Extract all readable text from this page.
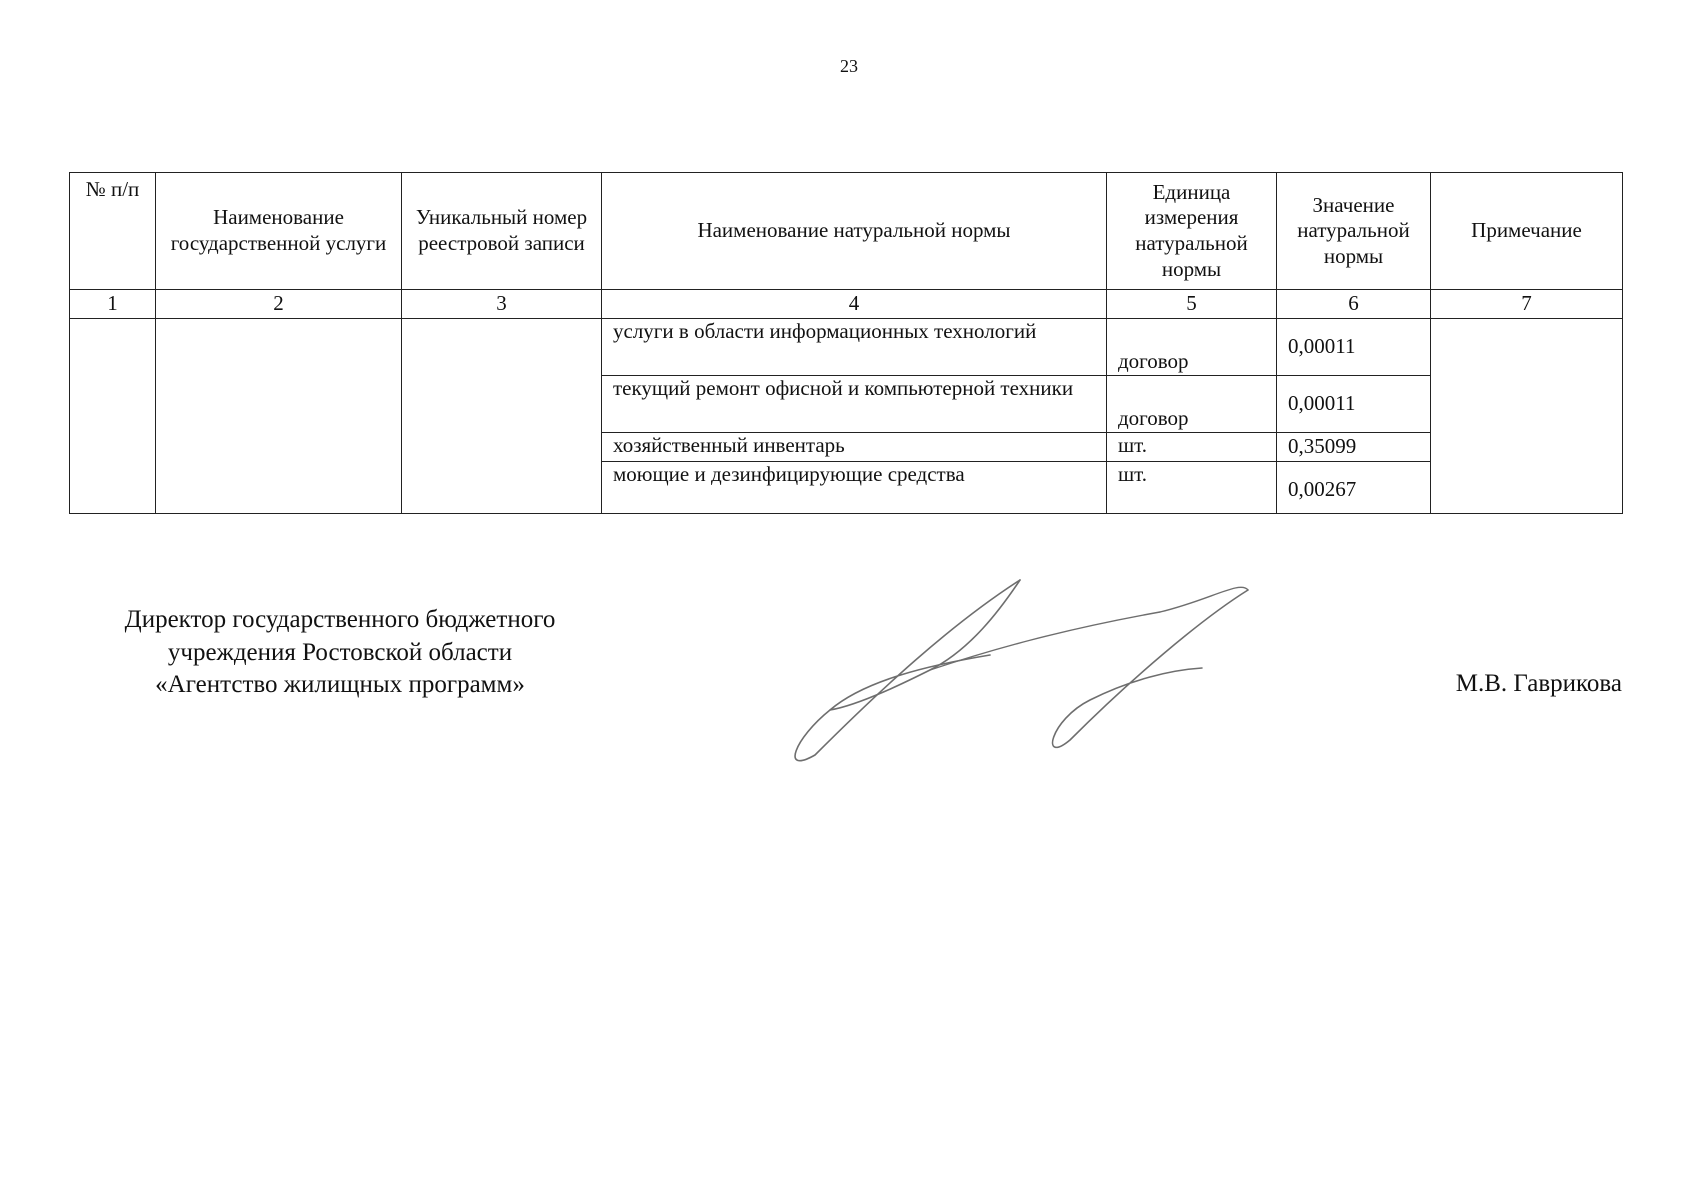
23
№ п/п	Наименование государственной услуги	Уникальный номер реестровой записи	Наименование натуральной нормы	Единица измерения натуральной нормы	Значение натуральной нормы	Примечание
1	2	3	4	5	6	7
			услуги в области информационных технологий	договор	0,00011	
			текущий ремонт офисной и компьютерной техники	договор	0,00011	
			хозяйственный инвентарь	шт.	0,35099	
			моющие и дезинфицирующие средства	шт.	0,00267	
Директор государственного бюджетного
учреждения Ростовской области
«Агентство жилищных программ»	М.В. Гаврикова
